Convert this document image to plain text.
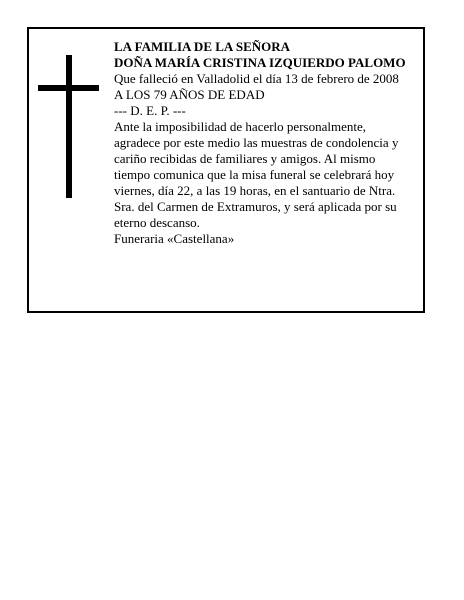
LA FAMILIA DE LA SEÑORA
DOÑA MARÍA CRISTINA IZQUIERDO PALOMO
Que falleció en Valladolid el día 13 de febrero de 2008
A LOS 79 AÑOS DE EDAD
--- D. E. P. ---
Ante la imposibilidad de hacerlo personalmente,
agradece por este medio las muestras de condolencia y
cariño recibidas de familiares y amigos. Al mismo
tiempo comunica que la misa funeral se celebrará hoy
viernes, día 22, a las 19 horas, en el santuario de Ntra.
Sra. del Carmen de Extramuros, y será aplicada por su
eterno descanso.
Funeraria «Castellana»
